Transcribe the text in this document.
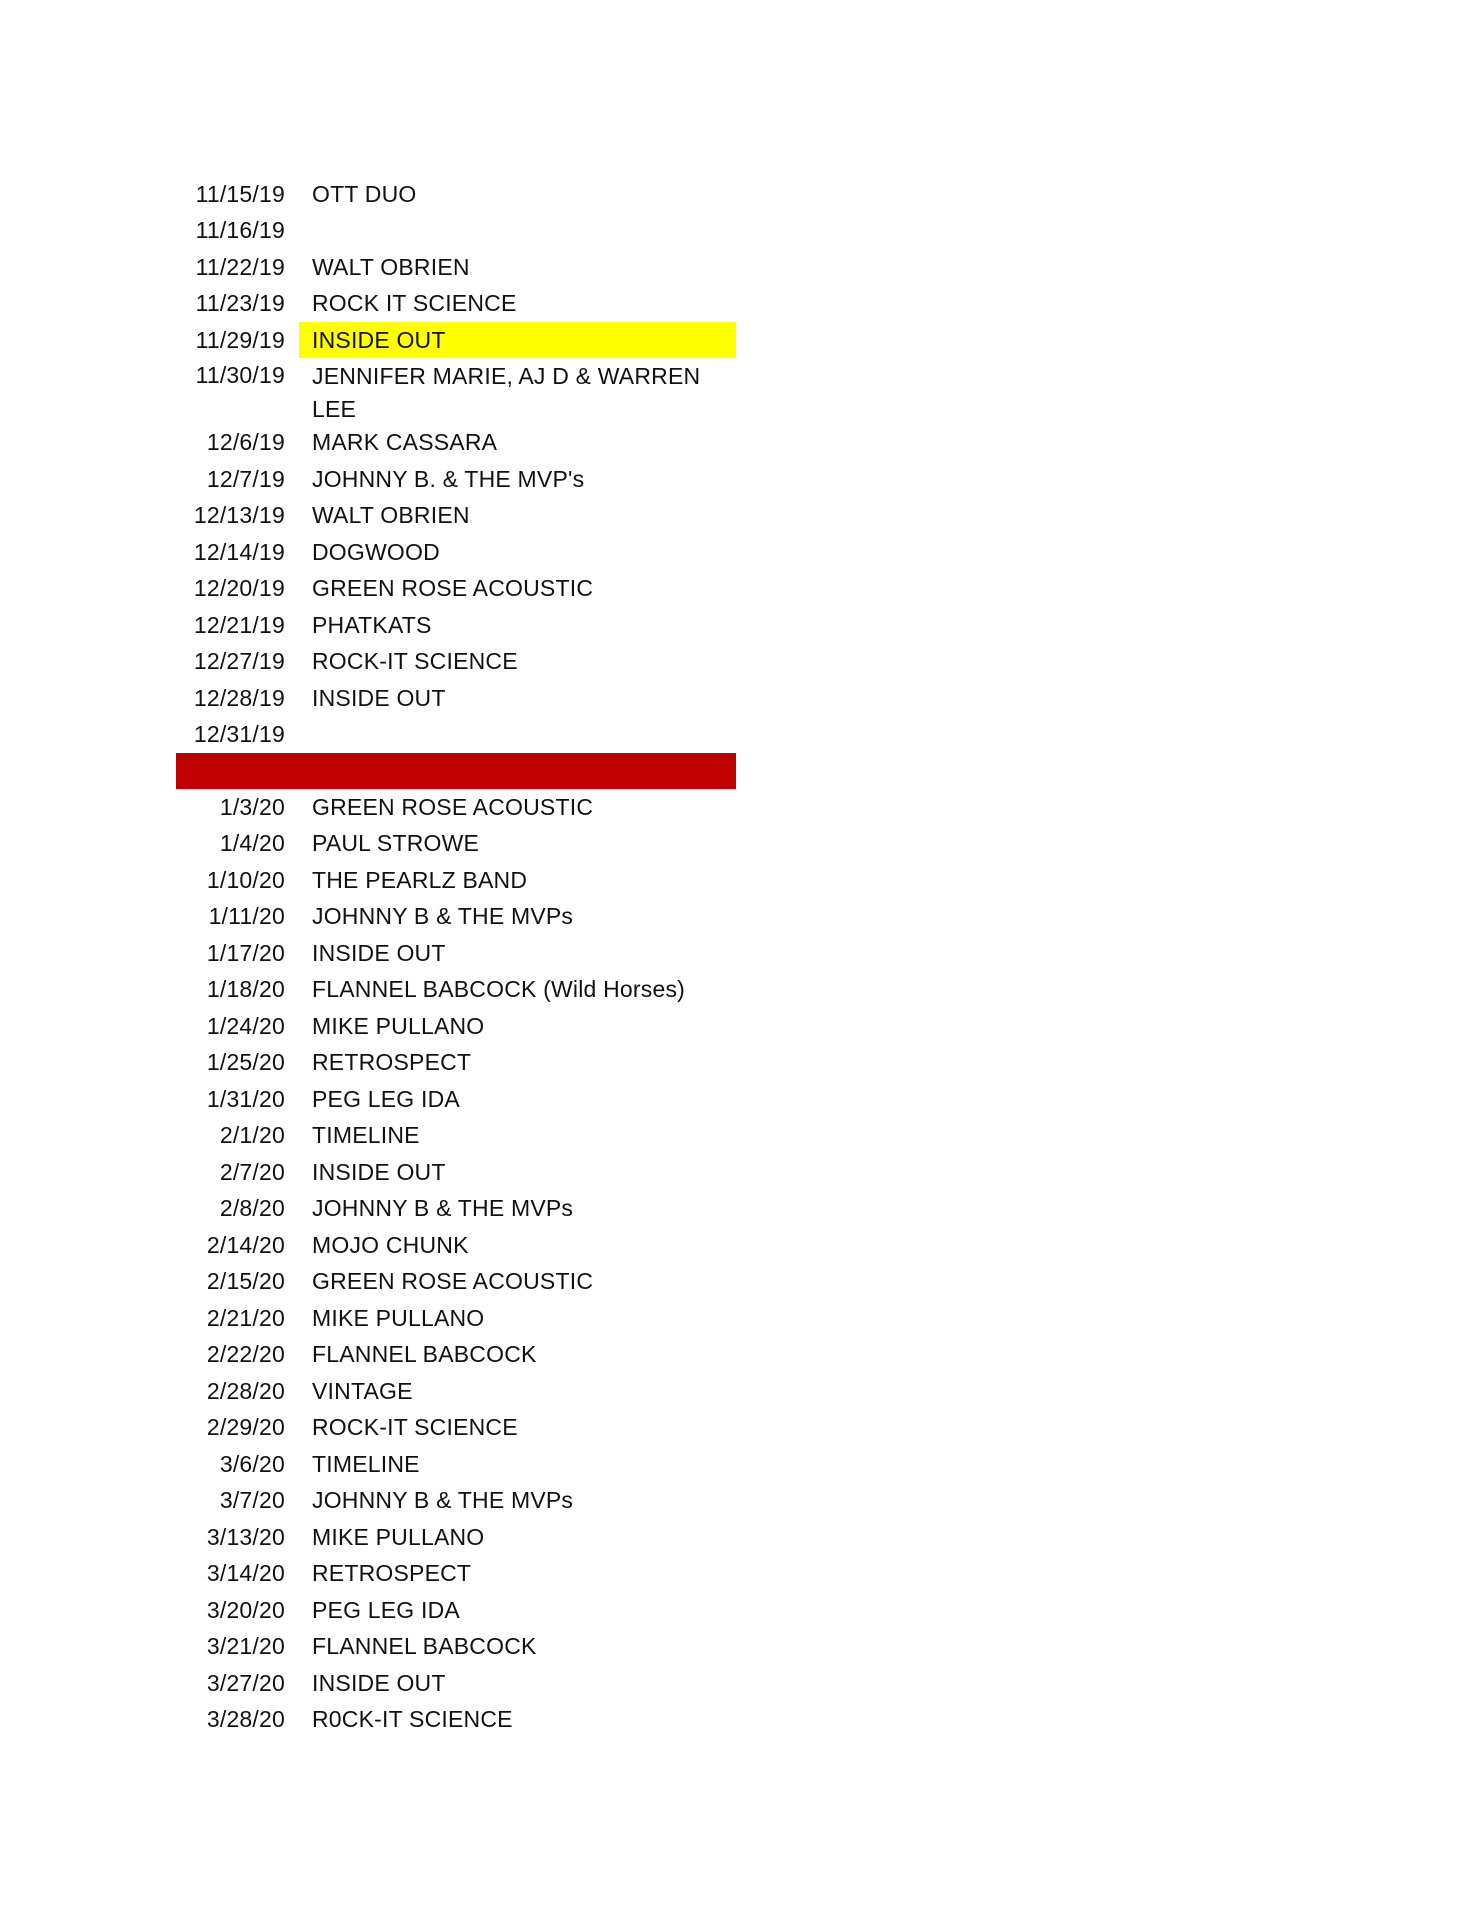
11/15/19	OTT DUO
11/16/19
11/22/19	WALT OBRIEN
11/23/19	ROCK IT SCIENCE
11/29/19	INSIDE OUT
11/30/19	JENNIFER MARIE, AJ D & WARREN LEE
12/6/19	MARK CASSARA
12/7/19	JOHNNY B. & THE MVP's
12/13/19	WALT OBRIEN
12/14/19	DOGWOOD
12/20/19	GREEN ROSE ACOUSTIC
12/21/19	PHATKATS
12/27/19	ROCK-IT SCIENCE
12/28/19	INSIDE OUT
12/31/19
1/3/20	GREEN ROSE ACOUSTIC
1/4/20	PAUL STROWE
1/10/20	THE PEARLZ BAND
1/11/20	JOHNNY B & THE MVPs
1/17/20	INSIDE OUT
1/18/20	FLANNEL BABCOCK (Wild Horses)
1/24/20	MIKE PULLANO
1/25/20	RETROSPECT
1/31/20	PEG LEG IDA
2/1/20	TIMELINE
2/7/20	INSIDE OUT
2/8/20	JOHNNY B & THE MVPs
2/14/20	MOJO CHUNK
2/15/20	GREEN ROSE ACOUSTIC
2/21/20	MIKE PULLANO
2/22/20	FLANNEL BABCOCK
2/28/20	VINTAGE
2/29/20	ROCK-IT SCIENCE
3/6/20	TIMELINE
3/7/20	JOHNNY B & THE MVPs
3/13/20	MIKE PULLANO
3/14/20	RETROSPECT
3/20/20	PEG LEG IDA
3/21/20	FLANNEL BABCOCK
3/27/20	INSIDE OUT
3/28/20	R0CK-IT SCIENCE
